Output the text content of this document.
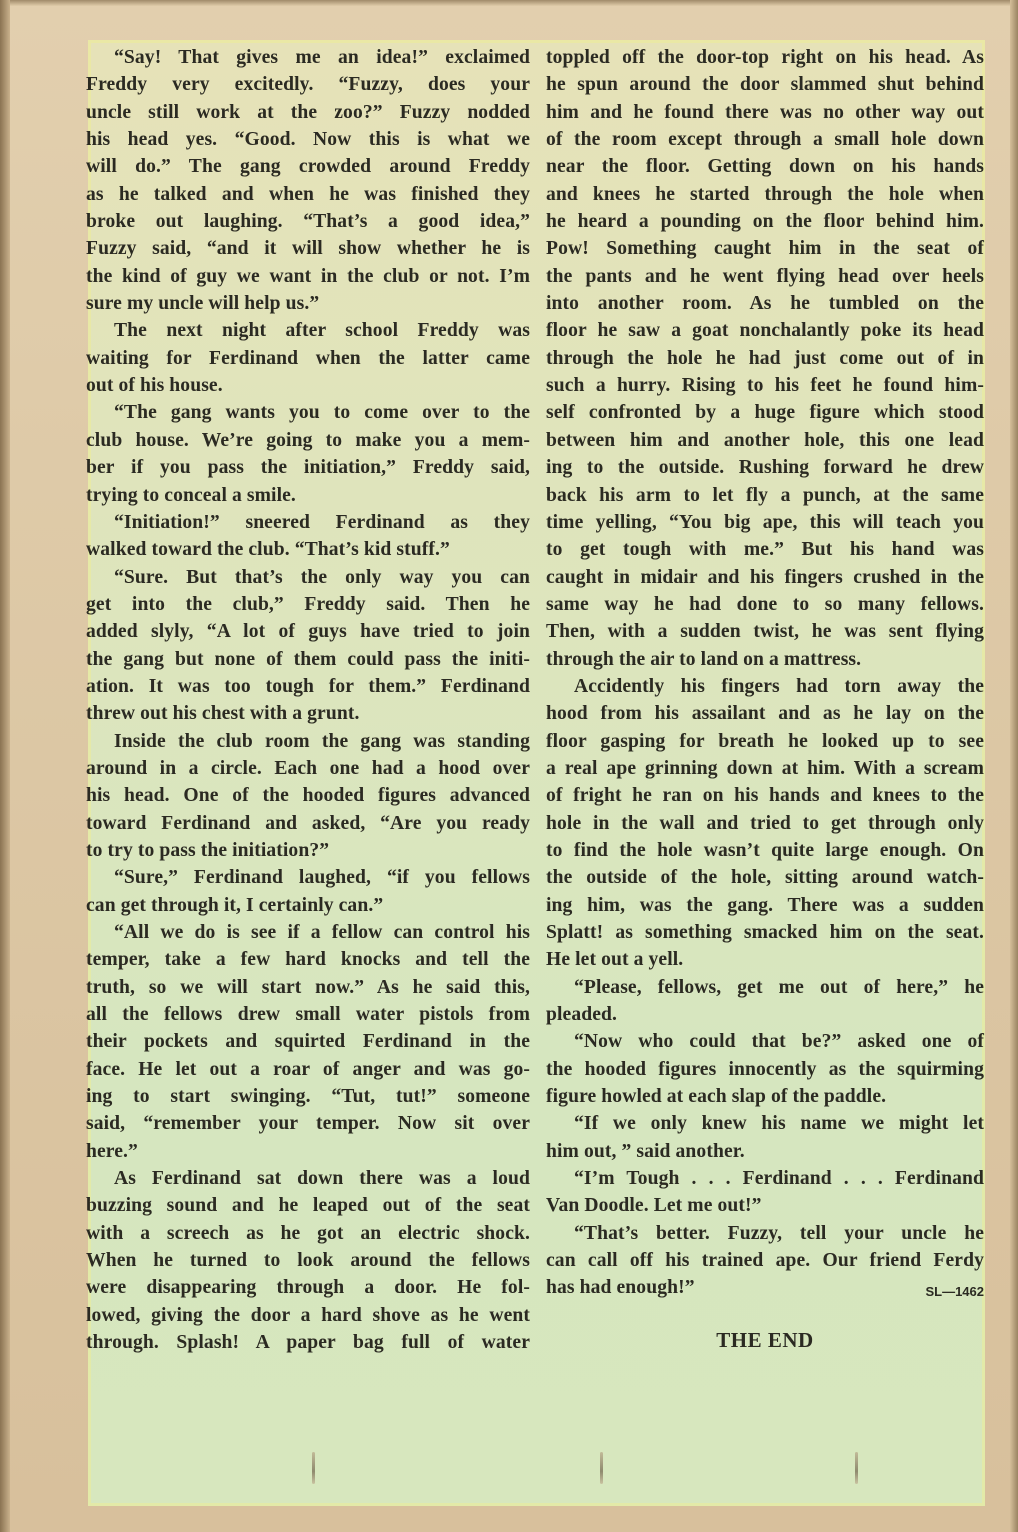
“Say! That gives me an idea!” exclaimed
Freddy very excitedly. “Fuzzy, does your
uncle still work at the zoo?” Fuzzy nodded
his head yes. “Good. Now this is what we
will do.” The gang crowded around Freddy
as he talked and when he was finished they
broke out laughing. “That’s a good idea,”
Fuzzy said, “and it will show whether he is
the kind of guy we want in the club or not. I’m
sure my uncle will help us.”
The next night after school Freddy was
waiting for Ferdinand when the latter came
out of his house.
“The gang wants you to come over to the
club house. We’re going to make you a mem-
ber if you pass the initiation,” Freddy said,
trying to conceal a smile.
“Initiation!” sneered Ferdinand as they
walked toward the club. “That’s kid stuff.”
“Sure. But that’s the only way you can
get into the club,” Freddy said. Then he
added slyly, “A lot of guys have tried to join
the gang but none of them could pass the initi-
ation. It was too tough for them.” Ferdinand
threw out his chest with a grunt.
Inside the club room the gang was standing
around in a circle. Each one had a hood over
his head. One of the hooded figures advanced
toward Ferdinand and asked, “Are you ready
to try to pass the initiation?”
“Sure,” Ferdinand laughed, “if you fellows
can get through it, I certainly can.”
“All we do is see if a fellow can control his
temper, take a few hard knocks and tell the
truth, so we will start now.” As he said this,
all the fellows drew small water pistols from
their pockets and squirted Ferdinand in the
face. He let out a roar of anger and was go-
ing to start swinging. “Tut, tut!” someone
said, “remember your temper. Now sit over
here.”
As Ferdinand sat down there was a loud
buzzing sound and he leaped out of the seat
with a screech as he got an electric shock.
When he turned to look around the fellows
were disappearing through a door. He fol-
lowed, giving the door a hard shove as he went
through. Splash! A paper bag full of water
toppled off the door-top right on his head. As
he spun around the door slammed shut behind
him and he found there was no other way out
of the room except through a small hole down
near the floor. Getting down on his hands
and knees he started through the hole when
he heard a pounding on the floor behind him.
Pow! Something caught him in the seat of
the pants and he went flying head over heels
into another room. As he tumbled on the
floor he saw a goat nonchalantly poke its head
through the hole he had just come out of in
such a hurry. Rising to his feet he found him-
self confronted by a huge figure which stood
between him and another hole, this one lead
ing to the outside. Rushing forward he drew
back his arm to let fly a punch, at the same
time yelling, “You big ape, this will teach you
to get tough with me.” But his hand was
caught in midair and his fingers crushed in the
same way he had done to so many fellows.
Then, with a sudden twist, he was sent flying
through the air to land on a mattress.
Accidently his fingers had torn away the
hood from his assailant and as he lay on the
floor gasping for breath he looked up to see
a real ape grinning down at him. With a scream
of fright he ran on his hands and knees to the
hole in the wall and tried to get through only
to find the hole wasn’t quite large enough. On
the outside of the hole, sitting around watch-
ing him, was the gang. There was a sudden
Splatt! as something smacked him on the seat.
He let out a yell.
“Please, fellows, get me out of here,” he
pleaded.
“Now who could that be?” asked one of
the hooded figures innocently as the squirming
figure howled at each slap of the paddle.
“If we only knew his name we might let
him out, ” said another.
“I’m Tough . . . Ferdinand . . . Ferdinand
Van Doodle. Let me out!”
“That’s better. Fuzzy, tell your uncle he
can call off his trained ape. Our friend Ferdy
has had enough!”	SL—1462
THE END
